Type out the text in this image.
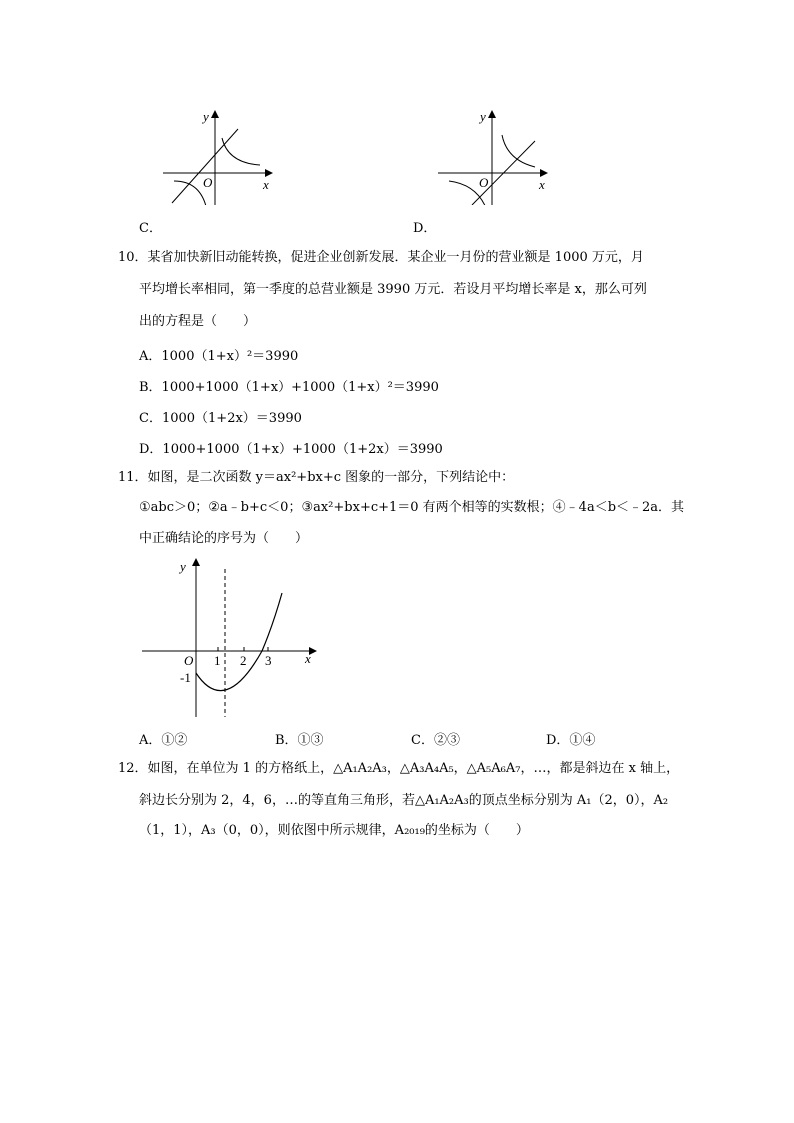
y
x
O
C．
y
x
O
D．
10．某省加快新旧动能转换，促进企业创新发展．某企业一月份的营业额是 1000 万元，月
平均增长率相同，第一季度的总营业额是 3990 万元．若设月平均增长率是 x，那么可列
出的方程是（　　）
A．1000（1+x）²＝3990
B．1000+1000（1+x）+1000（1+x）²＝3990
C．1000（1+2x）＝3990
D．1000+1000（1+x）+1000（1+2x）＝3990
11．如图，是二次函数 y＝ax²+bx+c 图象的一部分，下列结论中：
①abc＞0；②a﹣b+c＜0；③ax²+bx+c+1＝0 有两个相等的实数根；④﹣4a＜b＜﹣2a．其
中正确结论的序号为（　　）
y
x
O 1 2 3
-1
A．①②	B．①③	C．②③	D．①④
12．如图，在单位为 1 的方格纸上，△A₁A₂A₃，△A₃A₄A₅，△A₅A₆A₇，…，都是斜边在 x 轴上，
斜边长分别为 2，4，6，…的等直角三角形，若△A₁A₂A₃的顶点坐标分别为 A₁（2，0），A₂
（1，1），A₃（0，0），则依图中所示规律，A₂₀₁₉的坐标为（　　）
